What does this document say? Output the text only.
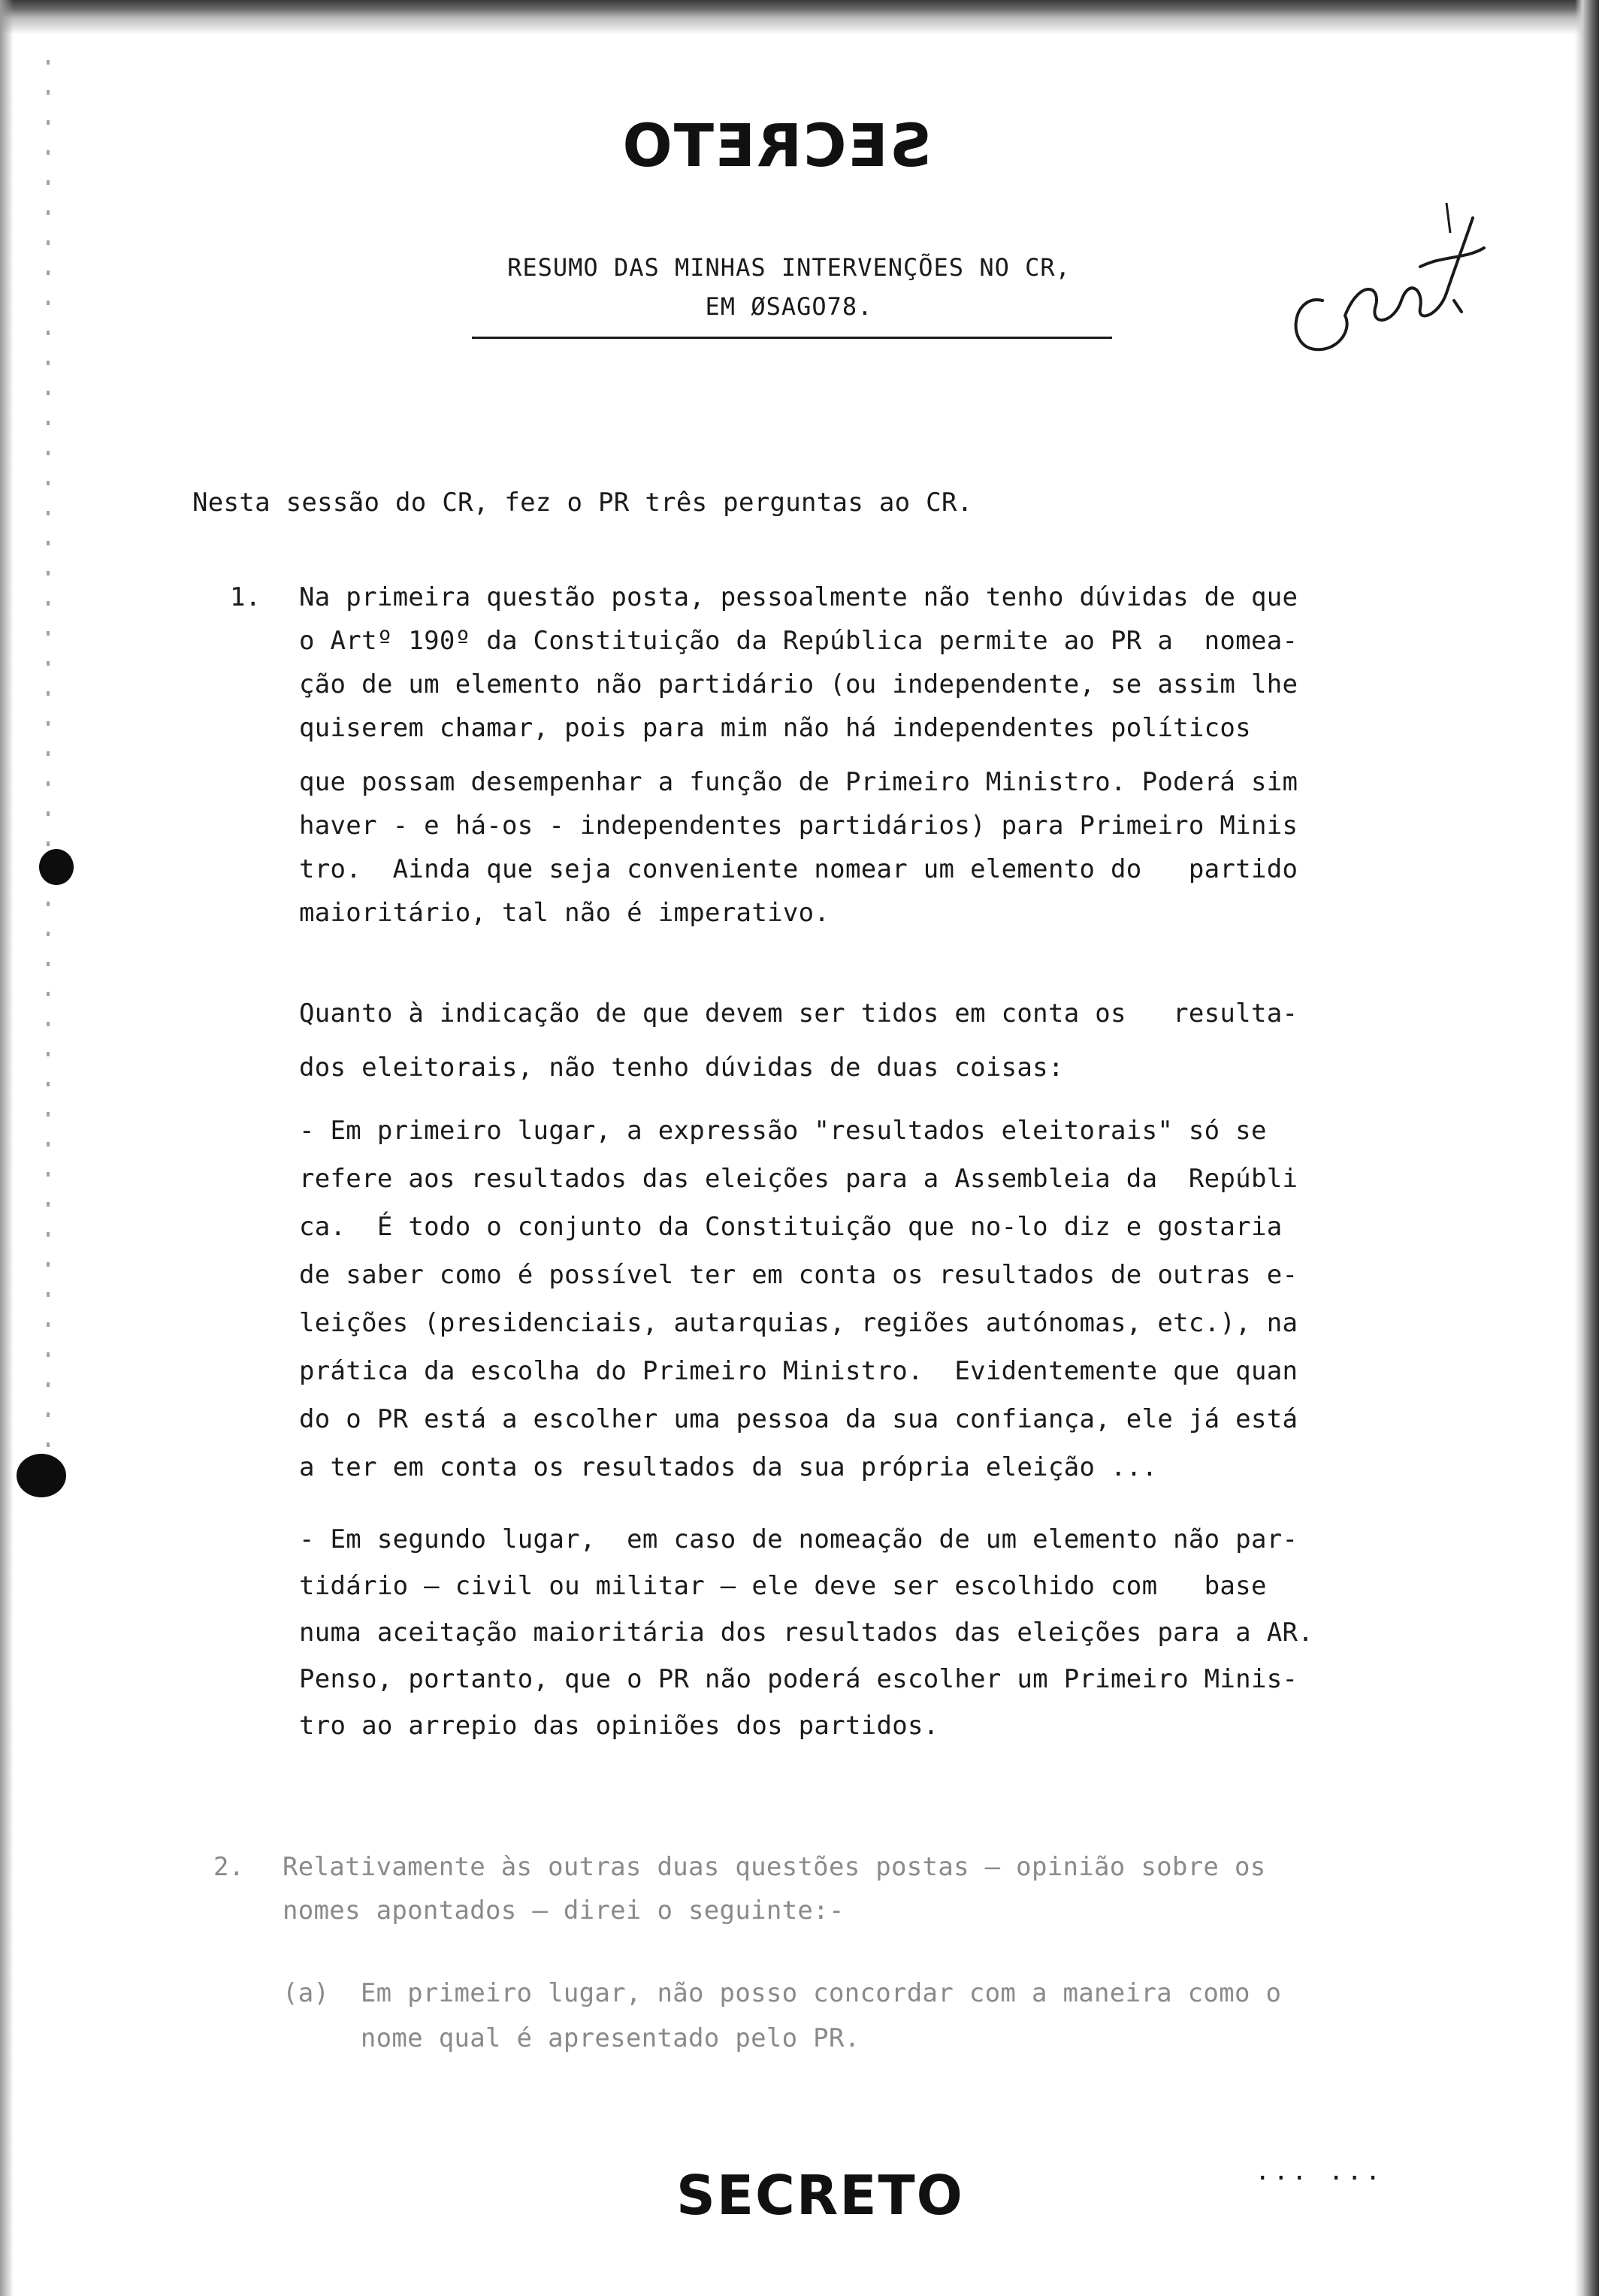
SECRETO
RESUMO DAS MINHAS INTERVENÇÕES NO CR,
EM ØSAGO78.
Nesta sessão do CR, fez o PR três perguntas ao CR.
1. Na primeira questão posta, pessoalmente não tenho dúvidas de que
o Artº 190º da Constituição da República permite ao PR a  nomea-
ção de um elemento não partidário (ou independente, se assim lhe
quiserem chamar, pois para mim não há independentes políticos
que possam desempenhar a função de Primeiro Ministro. Poderá sim
haver - e há-os - independentes partidários) para Primeiro Minis
tro.  Ainda que seja conveniente nomear um elemento do   partido
maioritário, tal não é imperativo.
Quanto à indicação de que devem ser tidos em conta os   resulta-
dos eleitorais, não tenho dúvidas de duas coisas:
- Em primeiro lugar, a expressão "resultados eleitorais" só se
refere aos resultados das eleições para a Assembleia da  Repúbli
ca.  É todo o conjunto da Constituição que no-lo diz e gostaria
de saber como é possível ter em conta os resultados de outras e-
leições (presidenciais, autarquias, regiões autónomas, etc.), na
prática da escolha do Primeiro Ministro.  Evidentemente que quan
do o PR está a escolher uma pessoa da sua confiança, ele já está
a ter em conta os resultados da sua própria eleição ...
- Em segundo lugar,  em caso de nomeação de um elemento não par-
tidário — civil ou militar — ele deve ser escolhido com   base
numa aceitação maioritária dos resultados das eleições para a AR.
Penso, portanto, que o PR não poderá escolher um Primeiro Minis-
tro ao arrepio das opiniões dos partidos.
2. Relativamente às outras duas questões postas — opinião sobre os
nomes apontados — direi o seguinte:-
(a)  Em primeiro lugar, não posso concordar com a maneira como o
nome qual é apresentado pelo PR.
... ...
SECRETO
